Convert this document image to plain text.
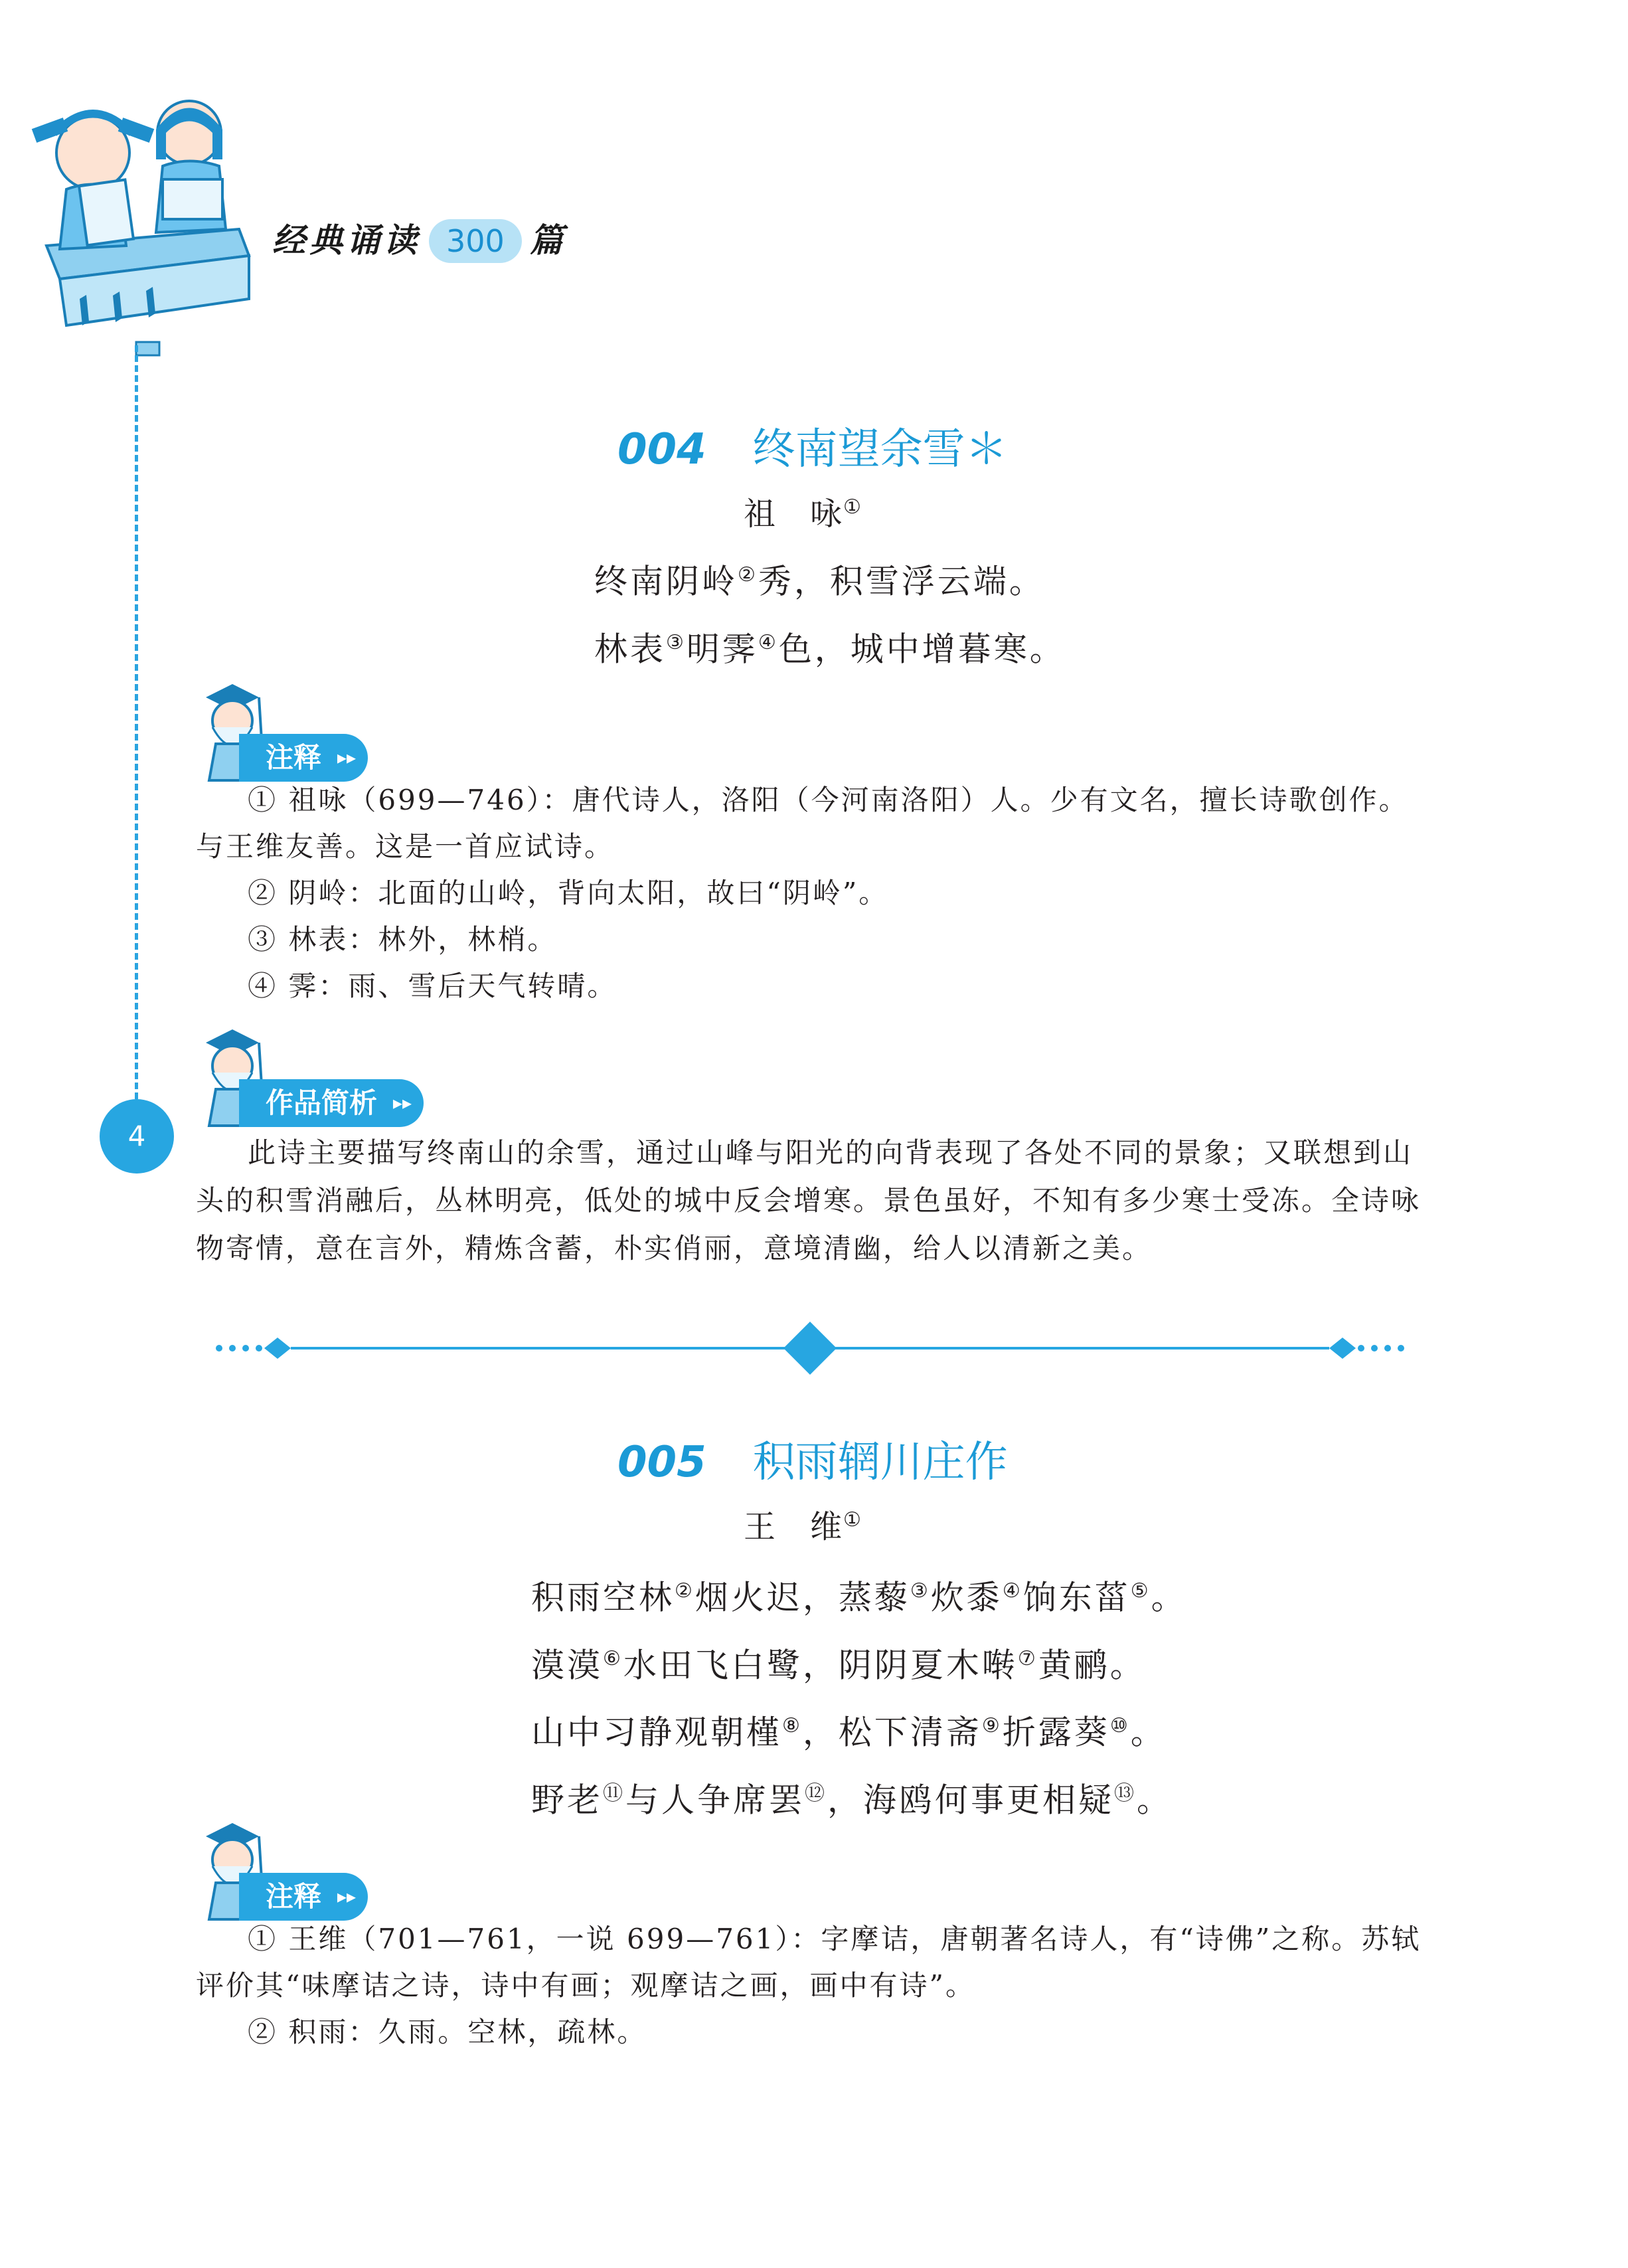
经典诵读 300 篇
4
004 终南望余雪＊
祖　咏①
终南阴岭②秀，积雪浮云端。
林表③明霁④色，城中增暮寒。
注释 ▸▸

① 祖咏（699—746）：唐代诗人，洛阳（今河南洛阳）人。少有文名，擅长诗歌创作。与王维友善。这是一首应试诗。

② 阴岭：北面的山岭，背向太阳，故曰“阴岭”。

③ 林表：林外，林梢。

④ 霁：雨、雪后天气转晴。

作品简析 ▸▸

此诗主要描写终南山的余雪，通过山峰与阳光的向背表现了各处不同的景象；又联想到山头的积雪消融后，丛林明亮，低处的城中反会增寒。景色虽好，不知有多少寒士受冻。全诗咏物寄情，意在言外，精炼含蓄，朴实俏丽，意境清幽，给人以清新之美。

005 积雨辋川庄作
王　维①
积雨空林②烟火迟，蒸藜③炊黍④饷东菑⑤。
漠漠⑥水田飞白鹭，阴阴夏木啭⑦黄鹂。
山中习静观朝槿⑧，松下清斋⑨折露葵⑩。
野老⑪与人争席罢⑫，海鸥何事更相疑⑬。
注释 ▸▸

① 王维（701—761，一说 699—761）：字摩诘，唐朝著名诗人，有“诗佛”之称。苏轼评价其“味摩诘之诗，诗中有画；观摩诘之画，画中有诗”。

② 积雨：久雨。空林，疏林。
